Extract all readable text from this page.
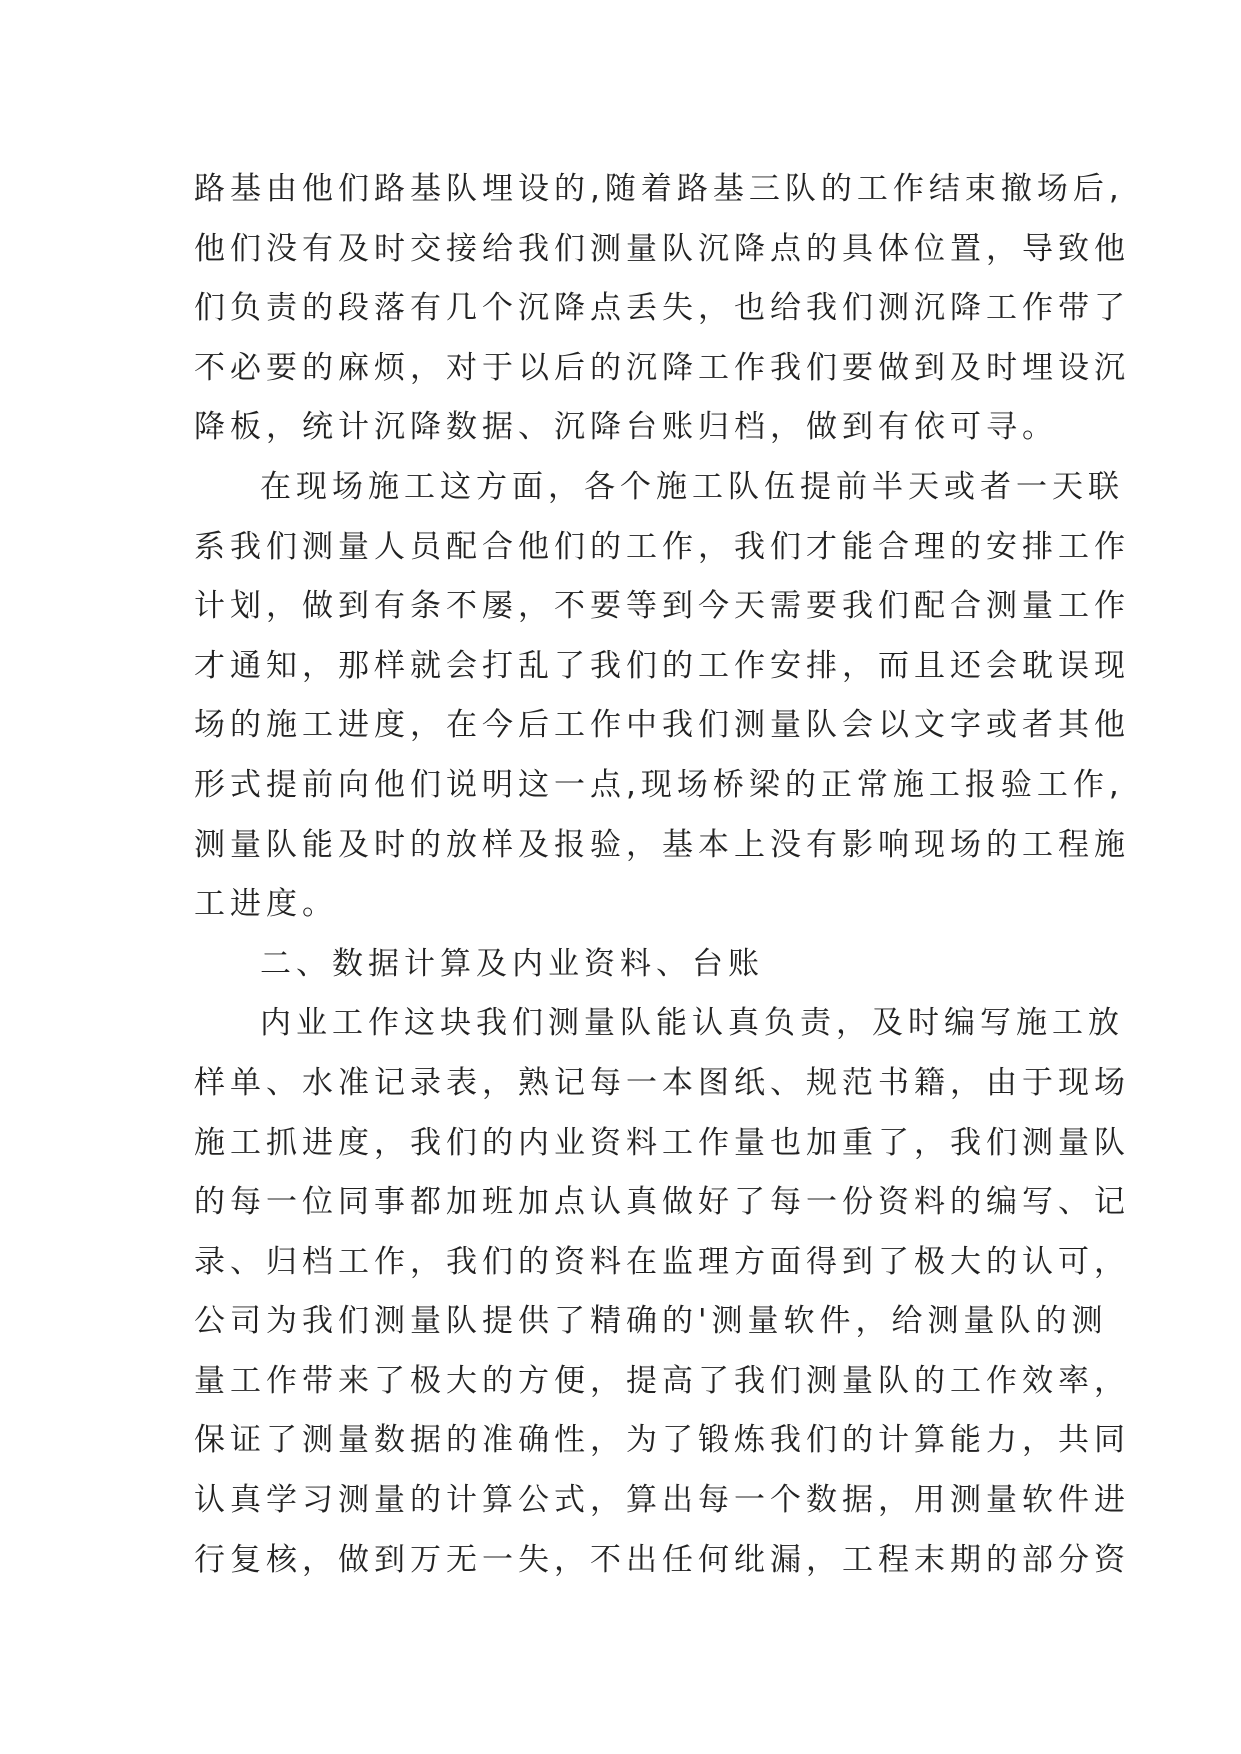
路基由他们路基队埋设的,随着路基三队的工作结束撤场后,
他们没有及时交接给我们测量队沉降点的具体位置，导致他
们负责的段落有几个沉降点丢失，也给我们测沉降工作带了
不必要的麻烦，对于以后的沉降工作我们要做到及时埋设沉
降板，统计沉降数据、沉降台账归档，做到有依可寻。
在现场施工这方面，各个施工队伍提前半天或者一天联
系我们测量人员配合他们的工作，我们才能合理的安排工作
计划，做到有条不屡，不要等到今天需要我们配合测量工作
才通知，那样就会打乱了我们的工作安排，而且还会耽误现
场的施工进度，在今后工作中我们测量队会以文字或者其他
形式提前向他们说明这一点,现场桥梁的正常施工报验工作,
测量队能及时的放样及报验，基本上没有影响现场的工程施
工进度。
二、数据计算及内业资料、台账
内业工作这块我们测量队能认真负责，及时编写施工放
样单、水准记录表，熟记每一本图纸、规范书籍，由于现场
施工抓进度，我们的内业资料工作量也加重了，我们测量队
的每一位同事都加班加点认真做好了每一份资料的编写、记
录、归档工作，我们的资料在监理方面得到了极大的认可，
公司为我们测量队提供了精确的'测量软件，给测量队的测
量工作带来了极大的方便，提高了我们测量队的工作效率，
保证了测量数据的准确性，为了锻炼我们的计算能力，共同
认真学习测量的计算公式，算出每一个数据，用测量软件进
行复核，做到万无一失，不出任何纰漏，工程末期的部分资
